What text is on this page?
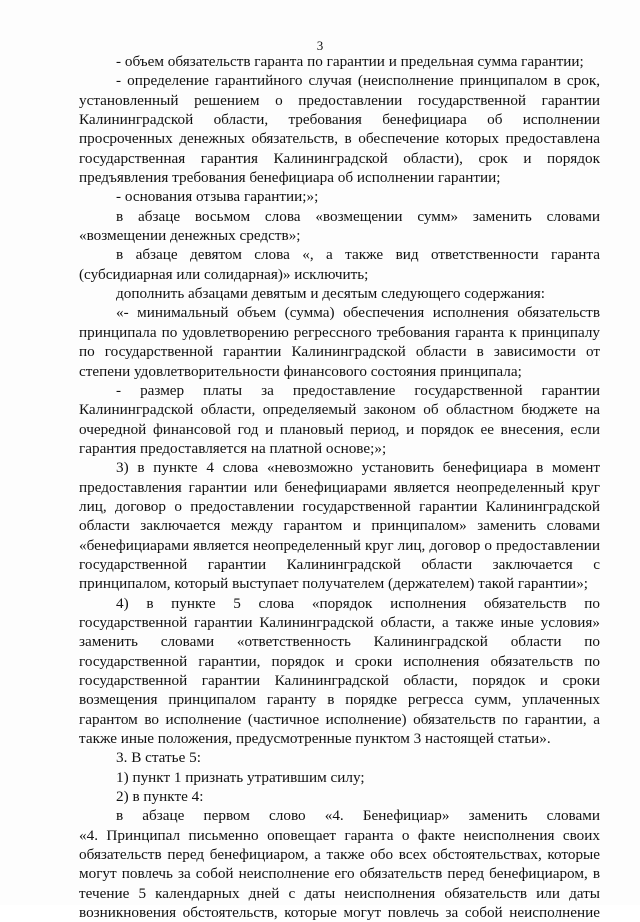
3
- объем обязательств гаранта по гарантии и предельная сумма гарантии;
- определение гарантийного случая (неисполнение принципалом в срок,
установленный решением о предоставлении государственной гарантии
Калининградской области, требования бенефициара об исполнении
просроченных денежных обязательств, в обеспечение которых предоставлена
государственная гарантия Калининградской области), срок и порядок
предъявления требования бенефициара об исполнении гарантии;
- основания отзыва гарантии;»;
в абзаце восьмом слова «возмещении сумм» заменить словами
«возмещении денежных средств»;
в абзаце девятом слова «, а также вид ответственности гаранта
(субсидиарная или солидарная)» исключить;
дополнить абзацами девятым и десятым следующего содержания:
«- минимальный объем (сумма) обеспечения исполнения обязательств
принципала по удовлетворению регрессного требования гаранта к принципалу
по государственной гарантии Калининградской области в зависимости от
степени удовлетворительности финансового состояния принципала;
- размер платы за предоставление государственной гарантии
Калининградской области, определяемый законом об областном бюджете на
очередной финансовой год и плановый период, и порядок ее внесения, если
гарантия предоставляется на платной основе;»;
3) в пункте 4 слова «невозможно установить бенефициара в момент
предоставления гарантии или бенефициарами является неопределенный круг
лиц, договор о предоставлении государственной гарантии Калининградской
области заключается между гарантом и принципалом» заменить словами
«бенефициарами является неопределенный круг лиц, договор о предоставлении
государственной гарантии Калининградской области заключается с
принципалом, который выступает получателем (держателем) такой гарантии»;
4) в пункте 5 слова «порядок исполнения обязательств по
государственной гарантии Калининградской области, а также иные условия»
заменить словами «ответственность Калининградской области по
государственной гарантии, порядок и сроки исполнения обязательств по
государственной гарантии Калининградской области, порядок и сроки
возмещения принципалом гаранту в порядке регресса сумм, уплаченных
гарантом во исполнение (частичное исполнение) обязательств по гарантии, а
также иные положения, предусмотренные пунктом 3 настоящей статьи».
3. В статье 5:
1) пункт 1 признать утратившим силу;
2) в пункте 4:
в абзаце первом слово «4. Бенефициар» заменить словами
«4. Принципал письменно оповещает гаранта о факте неисполнения своих
обязательств перед бенефициаром, а также обо всех обстоятельствах, которые
могут повлечь за собой неисполнение его обязательств перед бенефициаром, в
течение 5 календарных дней с даты неисполнения обязательств или даты
возникновения обстоятельств, которые могут повлечь за собой неисполнение
